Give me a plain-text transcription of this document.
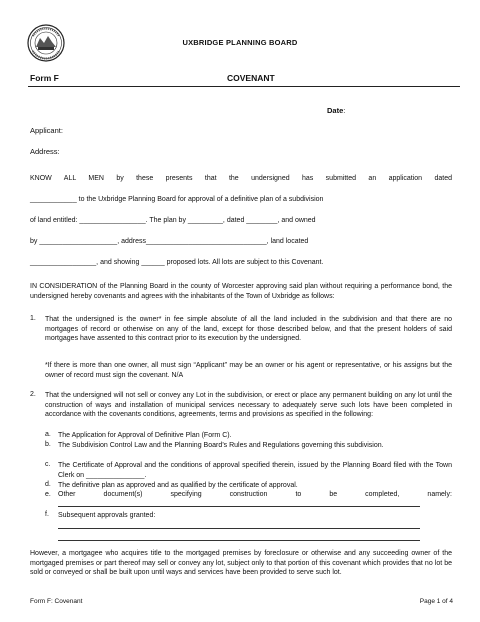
UXBRIDGE PLANNING BOARD
Form F	COVENANT
Date:
Applicant:
Address:
KNOW ALL MEN by these presents that the undersigned has submitted an application dated
____________ to the Uxbridge Planning Board for approval of a definitive plan of a subdivision
of land entitled: _________________. The plan by _________, dated ________, and owned
by ____________________, address_______________________________, land located
_________________, and showing ______ proposed lots. All lots are subject to this Covenant.
IN CONSIDERATION of the Planning Board in the county of Worcester approving said plan without requiring a performance bond, the undersigned hereby covenants and agrees with the inhabitants of the Town of Uxbridge as follows:
1. That the undersigned is the owner* in fee simple absolute of all the land included in the subdivision and that there are no mortgages of record or otherwise on any of the land, except for those described below, and that the present holders of said mortgages have assented to this contract prior to its execution by the undersigned.
*If there is more than one owner, all must sign “Applicant” may be an owner or his agent or representative, or his assigns but the owner of record must sign the covenant. N/A
2. That the undersigned will not sell or convey any Lot in the subdivision, or erect or place any permanent building on any lot until the construction of ways and installation of municipal services necessary to adequately serve such lots have been completed in accordance with the covenants conditions, agreements, terms and provisions as specified in the following:
a. The Application for Approval of Definitive Plan (Form C).
b. The Subdivision Control Law and the Planning Board’s Rules and Regulations governing this subdivision.
c. The Certificate of Approval and the conditions of approval specified therein, issued by the Planning Board filed with the Town Clerk on _______________.
d. The definitive plan as approved and as qualified by the certificate of approval.
e. Other	document(s)	specifying	construction	to	be	completed,	namely:
f. Subsequent approvals granted:
However, a mortgagee who acquires title to the mortgaged premises by foreclosure or otherwise and any succeeding owner of the mortgaged premises or part thereof may sell or convey any lot, subject only to that portion of this covenant which provides that no lot be sold or conveyed or shall be built upon until ways and services have been provided to serve such lot.
Form F: Covenant	Page 1 of 4
